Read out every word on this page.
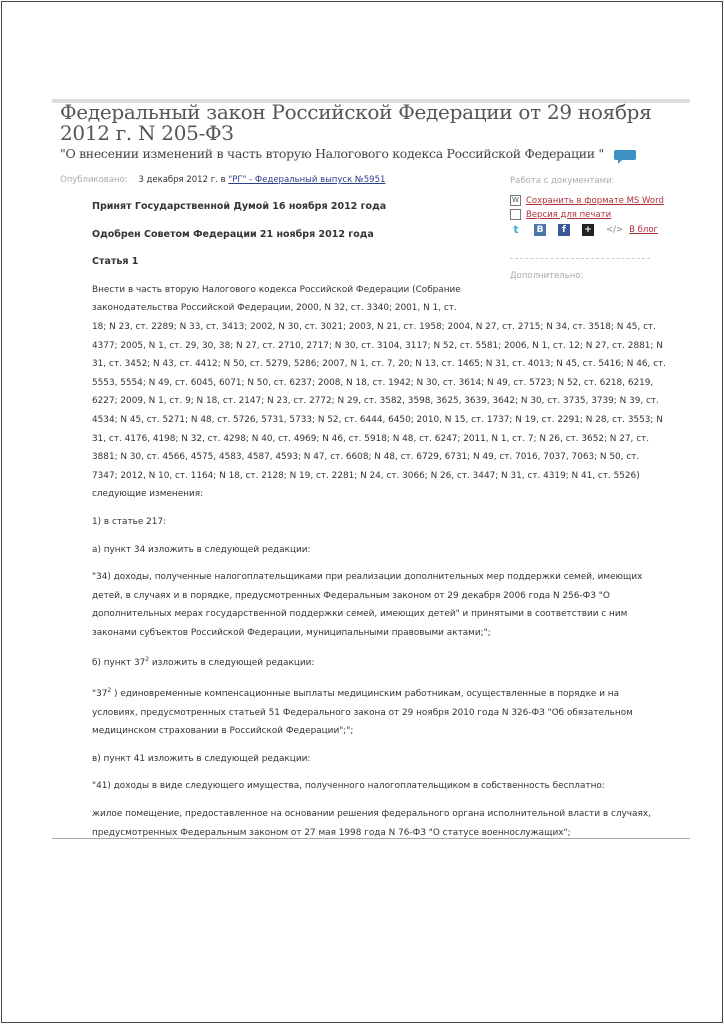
Федеральный закон Российской Федерации от 29 ноября 2012 г. N 205-ФЗ
"О внесении изменений в часть вторую Налогового кодекса Российской Федерации "
Опубликовано: 3 декабря 2012 г. в "РГ" - Федеральный выпуск №5951	Работа с документами:
W Сохранить в формате MS Word
Версия для печати
t	B	f	+ </> В блог
Дополнительно:

Принят Государственной Думой 16 ноября 2012 года

Одобрен Советом Федерации 21 ноября 2012 года

Статья 1

Внести в часть вторую Налогового кодекса Российской Федерации (Собрание законодательства Российской Федерации, 2000, N 32, ст. 3340; 2001, N 1, ст.
18; N 23, ст. 2289; N 33, ст. 3413; 2002, N 30, ст. 3021; 2003, N 21, ст. 1958; 2004, N 27, ст. 2715; N 34, ст. 3518; N 45, ст. 4377; 2005, N 1, ст. 29, 30, 38; N 27, ст. 2710, 2717; N 30, ст. 3104, 3117; N 52, ст. 5581; 2006, N 1, ст. 12; N 27, ст. 2881; N 31, ст. 3452; N 43, ст. 4412; N 50, ст. 5279, 5286; 2007, N 1, ст. 7, 20; N 13, ст. 1465; N 31, ст. 4013; N 45, ст. 5416; N 46, ст. 5553, 5554; N 49, ст. 6045, 6071; N 50, ст. 6237; 2008, N 18, ст. 1942; N 30, ст. 3614; N 49, ст. 5723; N 52, ст. 6218, 6219, 6227; 2009, N 1, ст. 9; N 18, ст. 2147; N 23, ст. 2772; N 29, ст. 3582, 3598, 3625, 3639, 3642; N 30, ст. 3735, 3739; N 39, ст. 4534; N 45, ст. 5271; N 48, ст. 5726, 5731, 5733; N 52, ст. 6444, 6450; 2010, N 15, ст. 1737; N 19, ст. 2291; N 28, ст. 3553; N 31, ст. 4176, 4198; N 32, ст. 4298; N 40, ст. 4969; N 46, ст. 5918; N 48, ст. 6247; 2011, N 1, ст. 7; N 26, ст. 3652; N 27, ст. 3881; N 30, ст. 4566, 4575, 4583, 4587, 4593; N 47, ст. 6608; N 48, ст. 6729, 6731; N 49, ст. 7016, 7037, 7063; N 50, ст. 7347; 2012, N 10, ст. 1164; N 18, ст. 2128; N 19, ст. 2281; N 24, ст. 3066; N 26, ст. 3447; N 31, ст. 4319; N 41, ст. 5526) следующие изменения:

1) в статье 217:

а) пункт 34 изложить в следующей редакции:

"34) доходы, полученные налогоплательщиками при реализации дополнительных мер поддержки семей, имеющих детей, в случаях и в порядке, предусмотренных Федеральным законом от 29 декабря 2006 года N 256-ФЗ "О дополнительных мерах государственной поддержки семей, имеющих детей" и принятыми в соответствии с ним законами субъектов Российской Федерации, муниципальными правовыми актами;";

б) пункт $37^2$ изложить в следующей редакции:

"$37^2$ ) единовременные компенсационные выплаты медицинским работникам, осуществленные в порядке и на условиях, предусмотренных статьей 51 Федерального закона от 29 ноября 2010 года N 326-ФЗ "Об обязательном медицинском страховании в Российской Федерации";";

в) пункт 41 изложить в следующей редакции:

"41) доходы в виде следующего имущества, полученного налогоплательщиком в собственность бесплатно:

жилое помещение, предоставленное на основании решения федерального органа исполнительной власти в случаях, предусмотренных Федеральным законом от 27 мая 1998 года N 76-ФЗ "О статусе военнослужащих";
